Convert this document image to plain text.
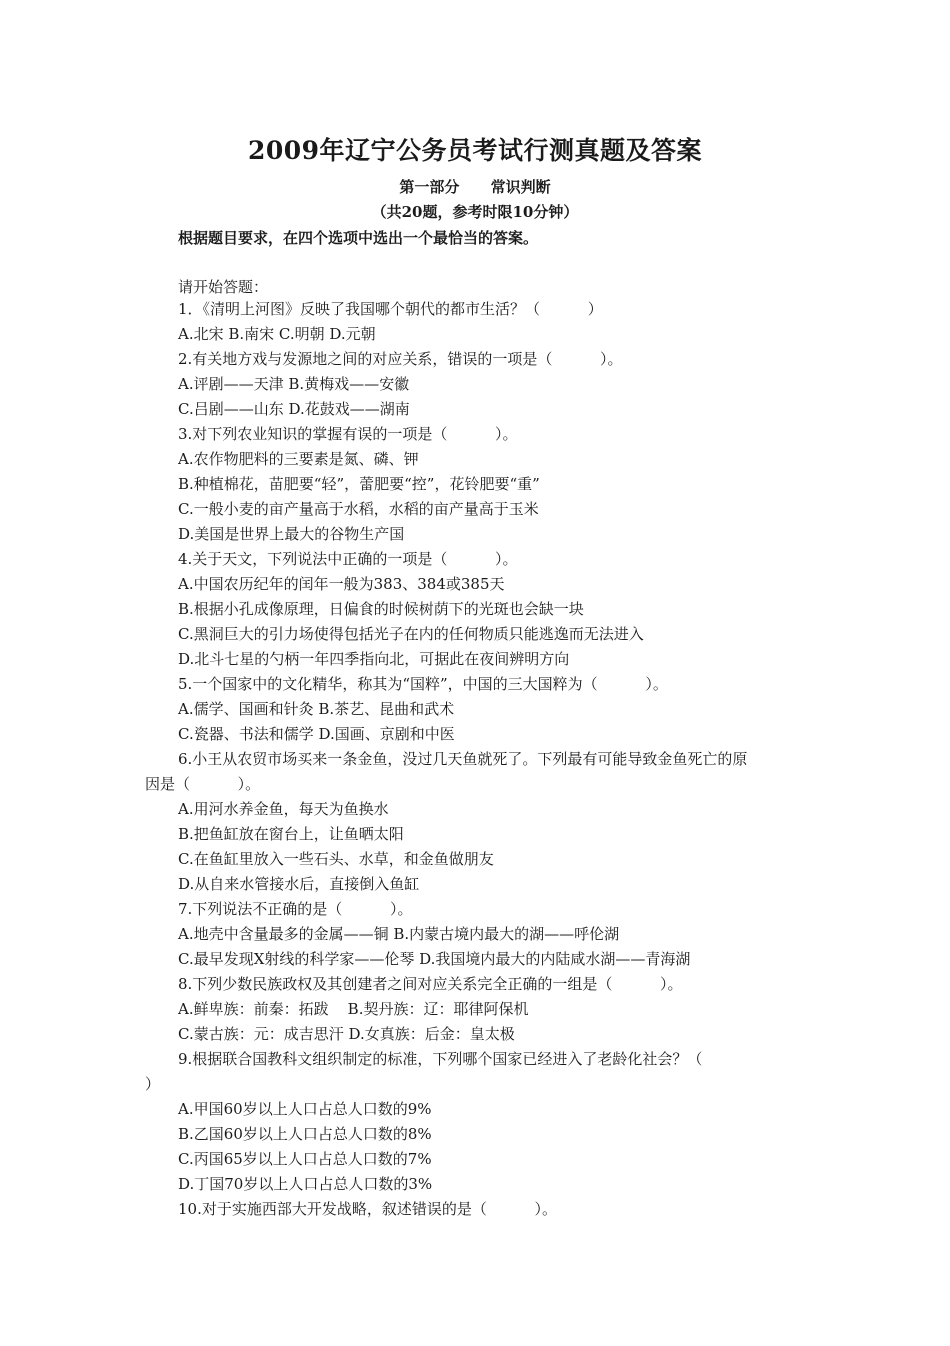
2009年辽宁公务员考试行测真题及答案
第一部分      常识判断
（共20题，参考时限10分钟）
根据题目要求，在四个选项中选出一个最恰当的答案。
请开始答题：
1．《清明上河图》反映了我国哪个朝代的都市生活？（          ）
A.北宋 B.南宋 C.明朝 D.元朝
2.有关地方戏与发源地之间的对应关系，错误的一项是（          ）。
A.评剧——天津 B.黄梅戏——安徽
C.吕剧——山东 D.花鼓戏——湖南
3.对下列农业知识的掌握有误的一项是（          ）。
A.农作物肥料的三要素是氮、磷、钾
B.种植棉花，苗肥要“轻”，蕾肥要“控”，花铃肥要“重”
C.一般小麦的亩产量高于水稻，水稻的亩产量高于玉米
D.美国是世界上最大的谷物生产国
4.关于天文，下列说法中正确的一项是（          ）。
A.中国农历纪年的闰年一般为383、384或385天
B.根据小孔成像原理，日偏食的时候树荫下的光斑也会缺一块
C.黑洞巨大的引力场使得包括光子在内的任何物质只能逃逸而无法进入
D.北斗七星的勺柄一年四季指向北，可据此在夜间辨明方向
5.一个国家中的文化精华，称其为“国粹”，中国的三大国粹为（          ）。
A.儒学、国画和针灸 B.茶艺、昆曲和武术
C.瓷器、书法和儒学 D.国画、京剧和中医
6.小王从农贸市场买来一条金鱼，没过几天鱼就死了。下列最有可能导致金鱼死亡的原
因是（          ）。
A.用河水养金鱼，每天为鱼换水
B.把鱼缸放在窗台上，让鱼晒太阳
C.在鱼缸里放入一些石头、水草，和金鱼做朋友
D.从自来水管接水后，直接倒入鱼缸
7.下列说法不正确的是（          ）。
A.地壳中含量最多的金属——铜 B.内蒙古境内最大的湖——呼伦湖
C.最早发现X射线的科学家——伦琴 D.我国境内最大的内陆咸水湖——青海湖
8.下列少数民族政权及其创建者之间对应关系完全正确的一组是（          ）。
A.鲜卑族：前秦：拓跋    B.契丹族：辽：耶律阿保机
C.蒙古族：元：成吉思汗 D.女真族：后金：皇太极
9.根据联合国教科文组织制定的标准，下列哪个国家已经进入了老龄化社会？（
）
A.甲国60岁以上人口占总人口数的9%
B.乙国60岁以上人口占总人口数的8%
C.丙国65岁以上人口占总人口数的7%
D.丁国70岁以上人口占总人口数的3%
10.对于实施西部大开发战略，叙述错误的是（          ）。
